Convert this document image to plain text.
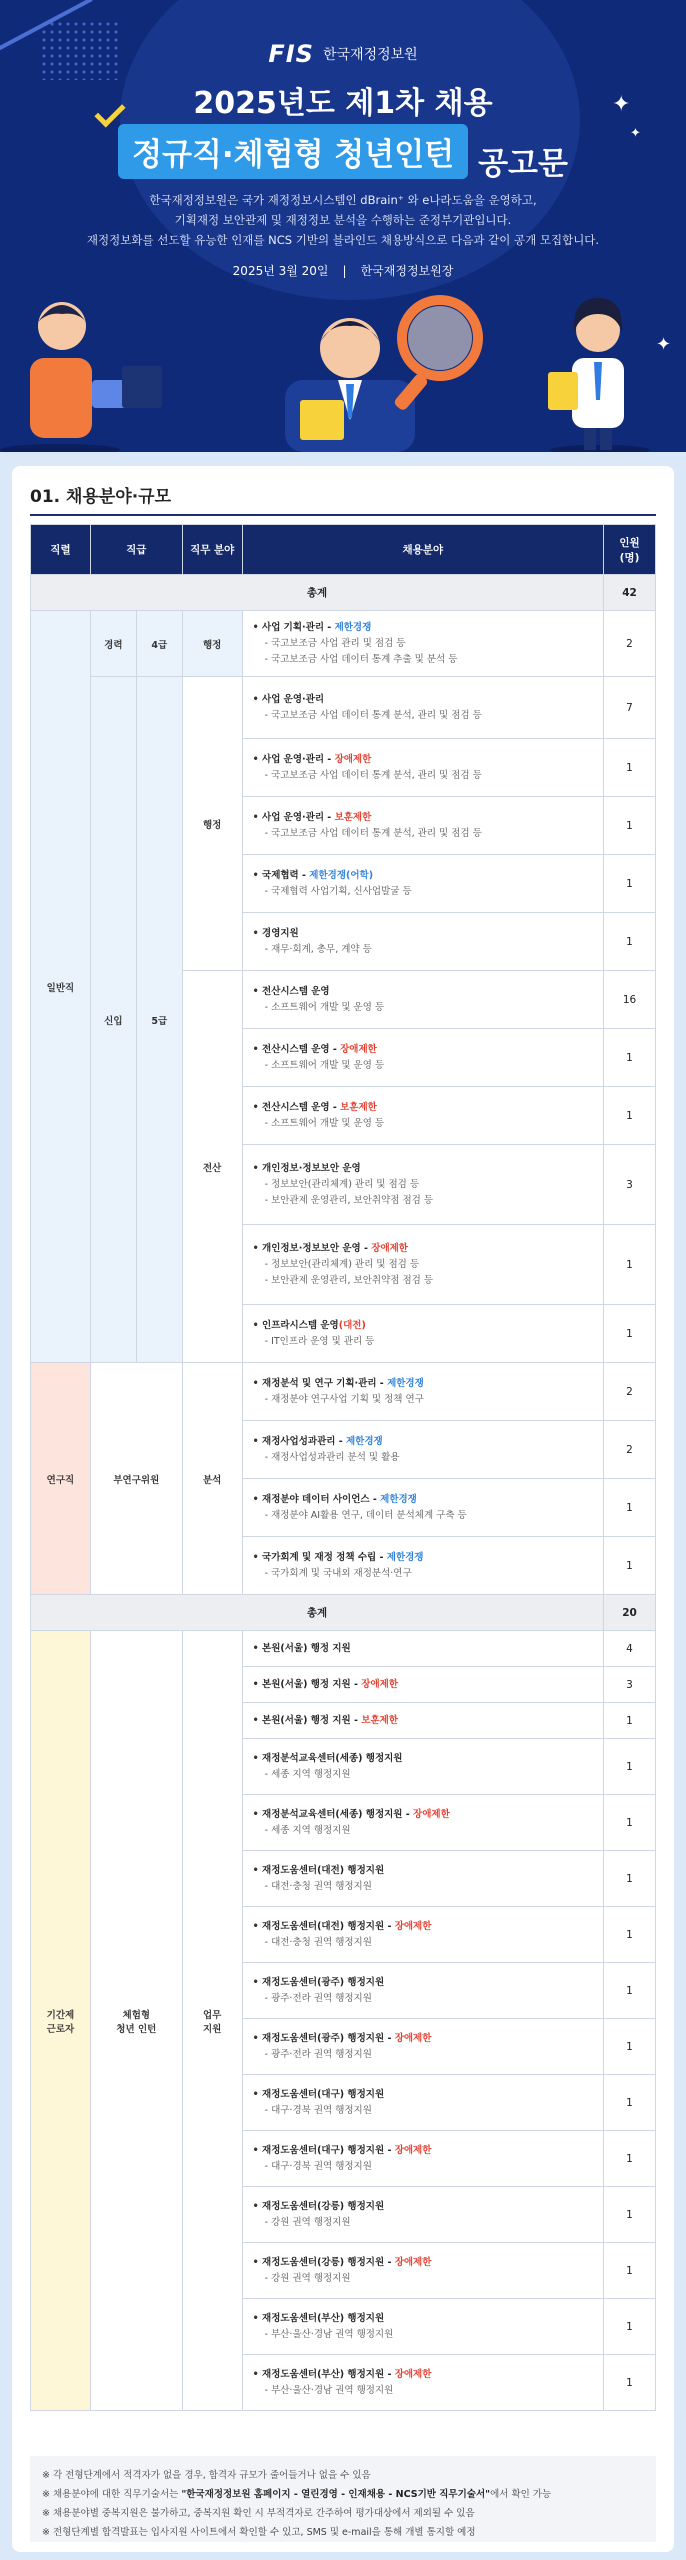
FIS 한국재정정보원
2025년도 제1차 채용
정규직·체험형 청년인턴 공고문
✦
✦
한국재정정보원은 국가 재정정보시스템인 dBrain⁺ 와 e나라도움을 운영하고,
기획재정 보안관제 및 재정정보 분석을 수행하는 준정부기관입니다.
재정정보화를 선도할 유능한 인재를 NCS 기반의 블라인드 채용방식으로 다음과 같이 공개 모집합니다.
2025년 3월 20일 | 한국재정정보원장
✦
01. 채용분야·규모
직렬	직급		직무 분야	채용분야	인원
(명)
총계					42
일반직	경력	4급	행정	• 사업 기획·관리 - 제한경쟁
- 국고보조금 사업 관리 및 점검 등
- 국고보조금 사업 데이터 통계 추출 및 분석 등	2
	신입	5급	행정	• 사업 운영·관리
- 국고보조금 사업 데이터 통계 분석, 관리 및 점검 등	7

				• 사업 운영·관리 - 장애제한
- 국고보조금 사업 데이터 통계 분석, 관리 및 점검 등	1

				• 사업 운영·관리 - 보훈제한
- 국고보조금 사업 데이터 통계 분석, 관리 및 점검 등	1

				• 국제협력 - 제한경쟁(어학)
- 국제협력 사업기획, 신사업발굴 등	1

				• 경영지원
- 재무·회계, 총무, 계약 등	1
			전산	• 전산시스템 운영
- 소프트웨어 개발 및 운영 등	16

				• 전산시스템 운영 - 장애제한
- 소프트웨어 개발 및 운영 등	1

				• 전산시스템 운영 - 보훈제한
- 소프트웨어 개발 및 운영 등	1

				• 개인정보·정보보안 운영
- 정보보안(관리체계) 관리 및 점검 등
- 보안관제 운영관리, 보안취약점 점검 등	3

				• 개인정보·정보보안 운영 - 장애제한
- 정보보안(관리체계) 관리 및 점검 등
- 보안관제 운영관리, 보안취약점 점검 등	1

				• 인프라시스템 운영(대전)
- IT인프라 운영 및 관리 등	1
연구직	부연구위원		분석	• 재정분석 및 연구 기획·관리 - 제한경쟁
- 재정분야 연구사업 기획 및 정책 연구	2

				• 재정사업성과관리 - 제한경쟁
- 재정사업성과관리 분석 및 활용	2

				• 재정분야 데이터 사이언스 - 제한경쟁
- 재정분야 AI활용 연구, 데이터 분석체계 구축 등	1

				• 국가회계 및 재정 정책 수립 - 제한경쟁
- 국가회계 및 국내외 재정분석·연구	1
총계					20
기간제
근로자	체험형
청년 인턴		업무
지원	• 본원(서울) 행정 지원	4

				• 본원(서울) 행정 지원 - 장애제한	3

				• 본원(서울) 행정 지원 - 보훈제한	1

				• 재정분석교육센터(세종) 행정지원
- 세종 지역 행정지원	1

				• 재정분석교육센터(세종) 행정지원 - 장애제한
- 세종 지역 행정지원	1

				• 재정도움센터(대전) 행정지원
- 대전·충청 권역 행정지원	1

				• 재정도움센터(대전) 행정지원 - 장애제한
- 대전·충청 권역 행정지원	1

				• 재정도움센터(광주) 행정지원
- 광주·전라 권역 행정지원	1

				• 재정도움센터(광주) 행정지원 - 장애제한
- 광주·전라 권역 행정지원	1

				• 재정도움센터(대구) 행정지원
- 대구·경북 권역 행정지원	1

				• 재정도움센터(대구) 행정지원 - 장애제한
- 대구·경북 권역 행정지원	1

				• 재정도움센터(강릉) 행정지원
- 강원 권역 행정지원	1

				• 재정도움센터(강릉) 행정지원 - 장애제한
- 강원 권역 행정지원	1

				• 재정도움센터(부산) 행정지원
- 부산·울산·경남 권역 행정지원	1

				• 재정도움센터(부산) 행정지원 - 장애제한
- 부산·울산·경남 권역 행정지원	1
※ 각 전형단계에서 적격자가 없을 경우, 합격자 규모가 줄어들거나 없을 수 있음
※ 채용분야에 대한 직무기술서는 "한국재정정보원 홈페이지 - 열린경영 - 인재채용 - NCS기반 직무기술서"에서 확인 가능
※ 채용분야별 중복지원은 불가하고, 중복지원 확인 시 부적격자로 간주하여 평가대상에서 제외될 수 있음
※ 전형단계별 합격발표는 입사지원 사이트에서 확인할 수 있고, SMS 및 e-mail을 통해 개별 통지할 예정
